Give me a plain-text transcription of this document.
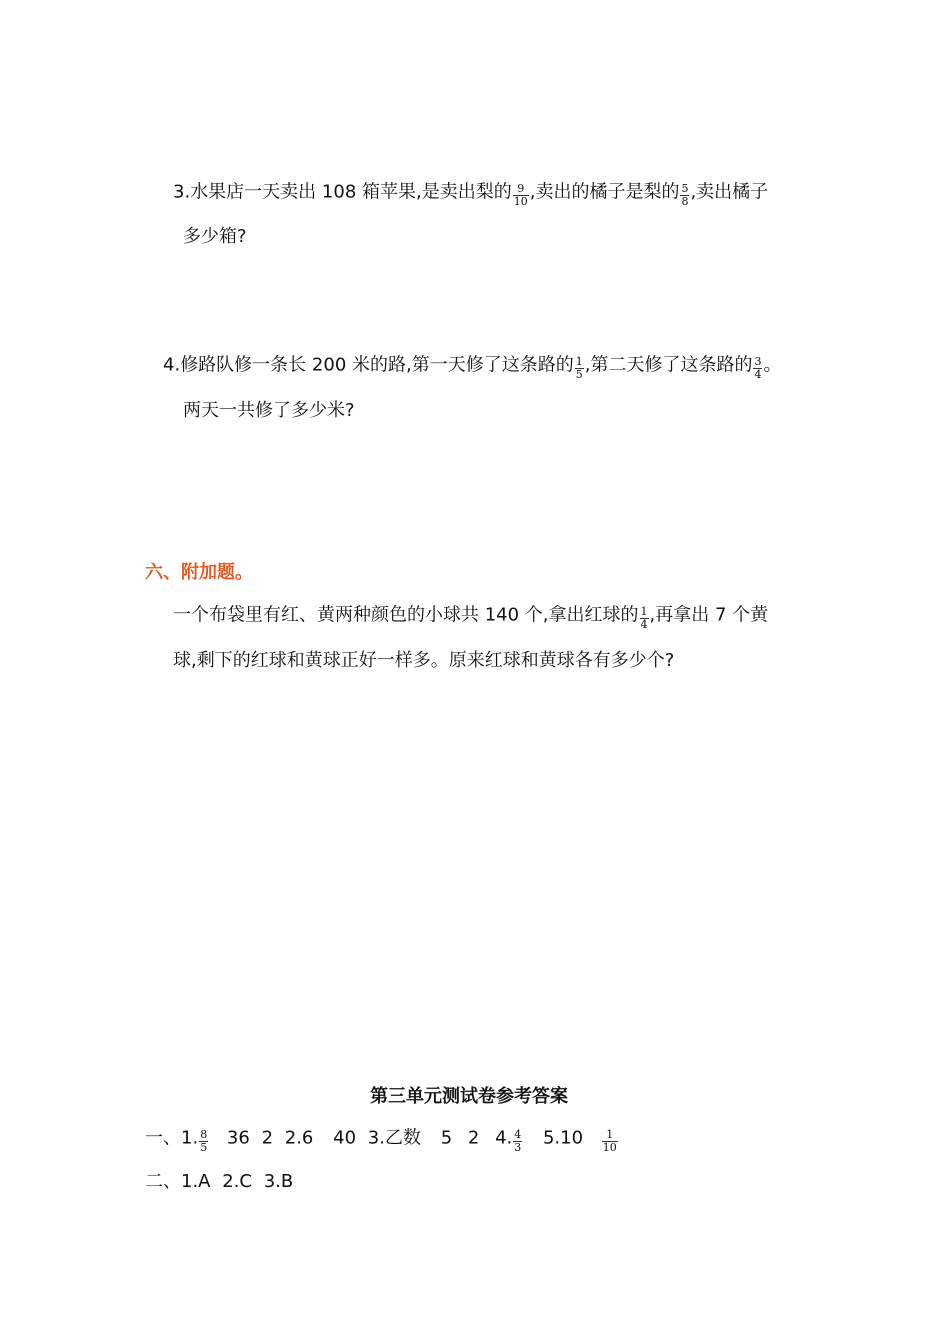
3.水果店一天卖出 108 箱苹果,是卖出梨的 $\frac{9}{10}$ ,卖出的橘子是梨的 $\frac{5}{8}$ ,卖出橘子
多少箱?
4.修路队修一条长 200 米的路,第一天修了这条路的 $\frac{1}{5}$ ,第二天修了这条路的 $\frac{3}{4}$ 。
两天一共修了多少米?
六、附加题。
一个布袋里有红、黄两种颜色的小球共 140 个,拿出红球的 $\frac{1}{4}$ ,再拿出 7 个黄
球,剩下的红球和黄球正好一样多。原来红球和黄球各有多少个?
第三单元测试卷参考答案
一、1. $\frac{8}{5} 36$ 2 2.6 40 3.乙数 5 2 4. $\frac{4}{3} 5.10 \frac{1}{10}$
二、1.A 2.C 3.B
